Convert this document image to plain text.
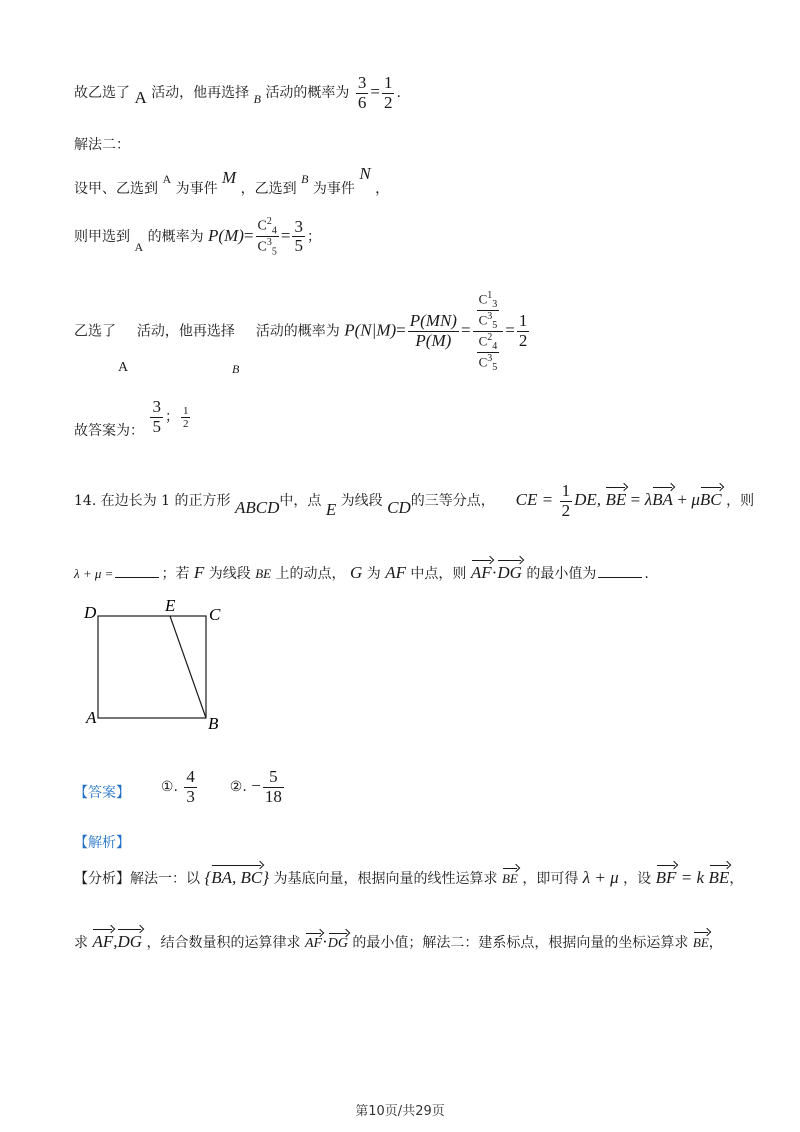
故乙选了 A 活动，他再选择 B 活动的概率为 $\frac{3}{6} = \frac{1}{2}$ .
解法二：
设甲、乙选到 A 为事件 M ，乙选到 B 为事件 N ，
则甲选到 A 的概率为 $P(M)= \frac{C^2_4}{C^3_5} = \frac{3}{5}$ ；
乙选了 活动，他再选择 活动的概率为 $P(N|M)= \frac{P(MN)}{P(M)} = \frac{\frac{C^1_3}{C^3_5}}{\frac{C^2_4}{C^3_5}} = \frac{1}{2}$
A	B
故答案为： $\frac{3}{5}$ ； $\frac{1}{2}$
14. 在边长为 1 的正方形 ABCD中，点 E 为线段 CD的三等分点， CE = $\frac{1}{2}$ DE, BE = λBA + μBC ，则
λ + μ =	；若 F 为线段 BE 上的动点， G 为 AF 中点，则 AF·DG 的最小值为	.
D	E C
A	B
【答案】 ①. $\frac{4}{3}$ ②. − $\frac{5}{18}$
【解析】
【分析】解法一：以 {BA, BC} 为基底向量，根据向量的线性运算求 BE ，即可得 λ + μ ，设 BF = k BE，
求 AF,DG ，结合数量积的运算律求 AF·DG 的最小值；解法二：建系标点，根据向量的坐标运算求 BE，
第10页/共29页
